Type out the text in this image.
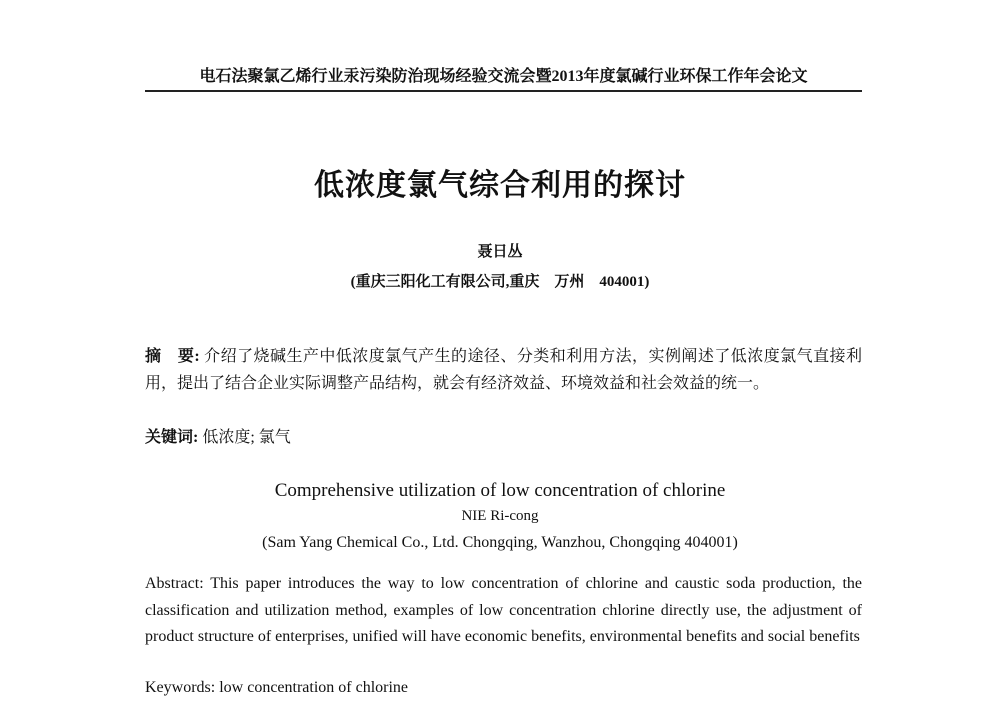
电石法聚氯乙烯行业汞污染防治现场经验交流会暨2013年度氯碱行业环保工作年会论文
低浓度氯气综合利用的探讨
聂日丛
(重庆三阳化工有限公司,重庆　万州　404001)
摘　要: 介绍了烧碱生产中低浓度氯气产生的途径、分类和利用方法，实例阐述了低浓度氯气直接利用，提出了结合企业实际调整产品结构，就会有经济效益、环境效益和社会效益的统一。
关键词: 低浓度; 氯气
Comprehensive utilization of low concentration of chlorine
NIE Ri-cong
(Sam Yang Chemical Co., Ltd. Chongqing, Wanzhou, Chongqing 404001)
Abstract: This paper introduces the way to low concentration of chlorine and caustic soda production, the classification and utilization method, examples of low concentration chlorine directly use, the adjustment of product structure of enterprises, unified will have economic benefits, environmental benefits and social benefits
Keywords: low concentration of chlorine
